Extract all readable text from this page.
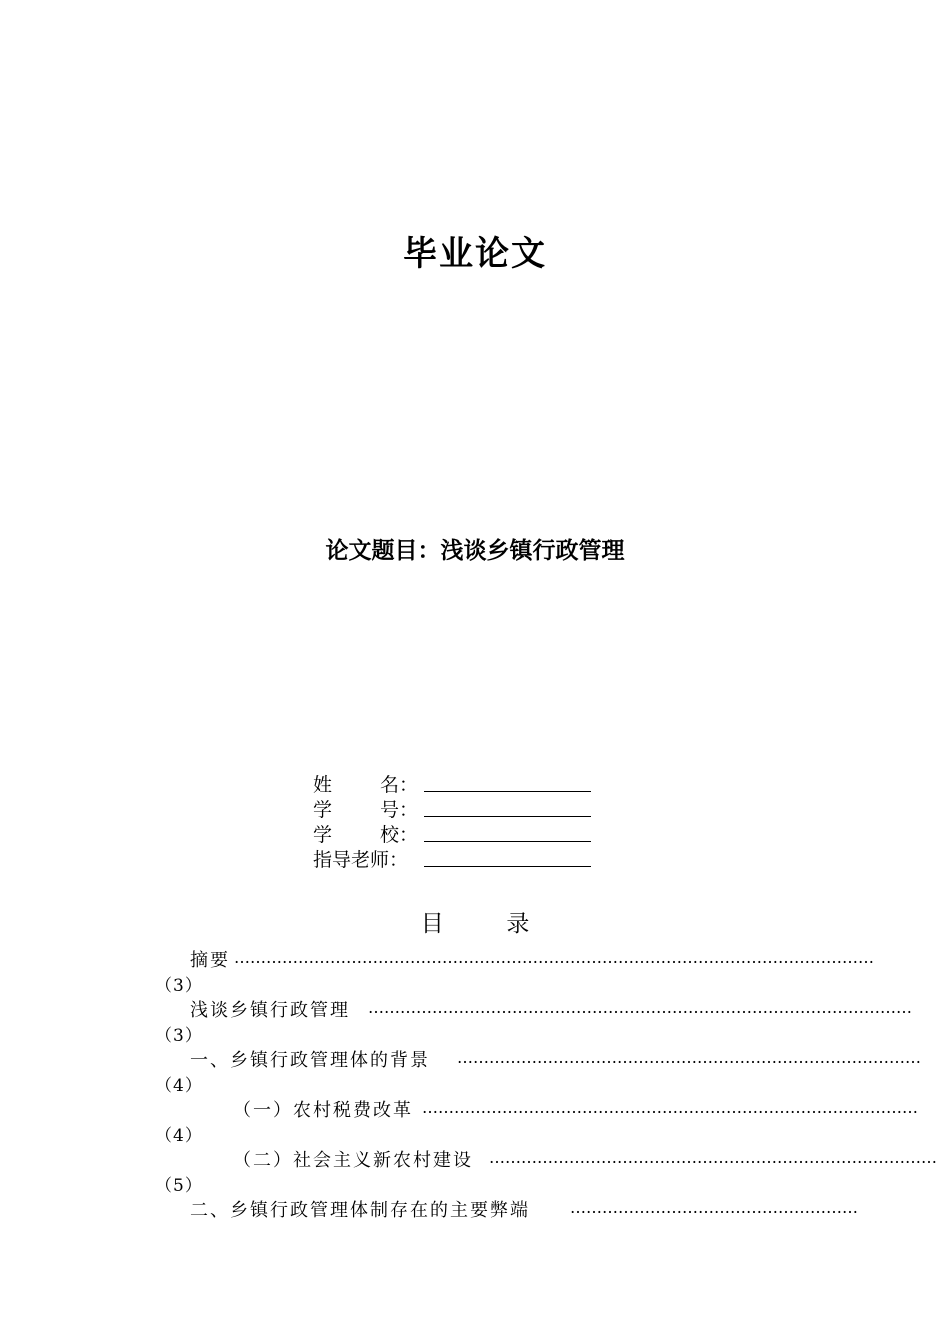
毕业论文
论文题目：浅谈乡镇行政管理
姓	名：
学	号：
学	校：
指导老师：
目	录
摘要 …………………………………………………………………………………………………………
（3）
浅谈乡镇行政管理 …………………………………………………………………………………………
（3）
一、乡镇行政管理体的背景 ……………………………………………………………………………
（4）
（一）农村税费改革 …………………………………………………………………………………
（4）
（二）社会主义新农村建设 …………………………………………………………………………
（5）
二、乡镇行政管理体制存在的主要弊端	………………………………………………
